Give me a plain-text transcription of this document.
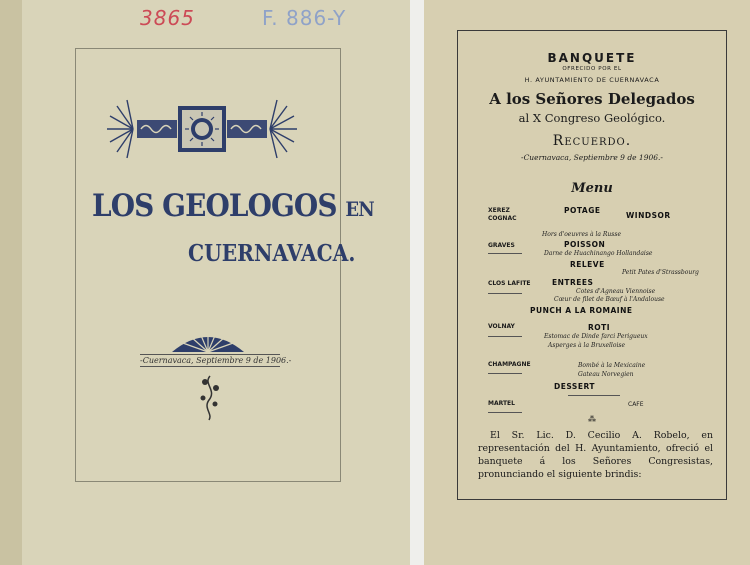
3865	F. 886-Y
LOS GEOLOGOS EN
CUERNAVACA.
-Cuernavaca, Septiembre 9 de 1906.-
BANQUETE
OFRECIDO POR EL
H. AYUNTAMIENTO DE CUERNAVACA
A los Señores Delegados
al X Congreso Geológico.
Recuerdo.
-Cuernavaca, Septiembre 9 de 1906.-
Menu
XEREZ
COGNAC
POTAGE
WINDSOR
Hors d'oeuvres à la Russe
GRAVES	POISSON
Darne de Huachinango Hollandaise
RELEVE
Petit Pates d'Strassbourg
CLOS LAFITE	ENTREES
Cotes d'Agneau Viennoise
Cœur de filet de Bœuf à l'Andalouse
PUNCH A LA ROMAINE
VOLNAY	ROTI
Estomac de Dinde farci Perigueux
Asperges à la Bruxelloise
CHAMPAGNE	Bombé à la Mexicaine
Gateau Norvegien
DESSERT
MARTEL	CAFE
⁂
El Sr. Lic. D. Cecilio A. Robelo, en representación del H. Ayuntamiento, ofreció el banquete á los Señores Congresistas, pronunciando el siguiente brindis:
